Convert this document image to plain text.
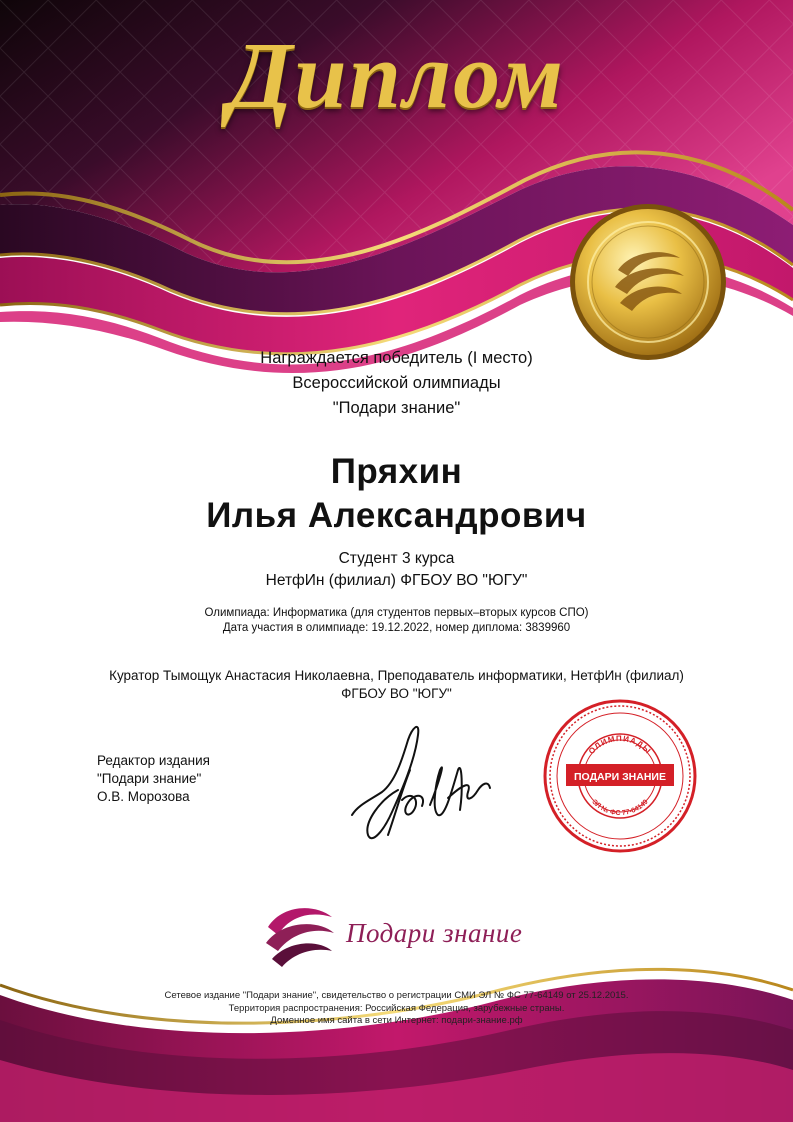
Диплом
Награждается победитель (I место)
Всероссийской олимпиады
"Подари знание"
Пряхин
Илья Александрович
Студент 3 курса
НетфИн (филиал) ФГБОУ ВО "ЮГУ"
Олимпиада: Информатика (для студентов первых–вторых курсов СПО)
Дата участия в олимпиаде: 19.12.2022, номер диплома: 3839960
Куратор Тымощук Анастасия Николаевна, Преподаватель информатики, НетфИн (филиал)
ФГБОУ ВО "ЮГУ"
Редактор издания
"Подари знание"
О.В. Морозова
ОЛИМПИАДЫ
ПОДАРИ ЗНАНИЕ
ЭЛ № ФС 77-64149
Подари знание
Сетевое издание "Подари знание", свидетельство о регистрации СМИ ЭЛ № ФС 77-64149 от 25.12.2015.
Территория распространения: Российская Федерация, зарубежные страны.
Доменное имя сайта в сети Интернет: подари-знание.рф
